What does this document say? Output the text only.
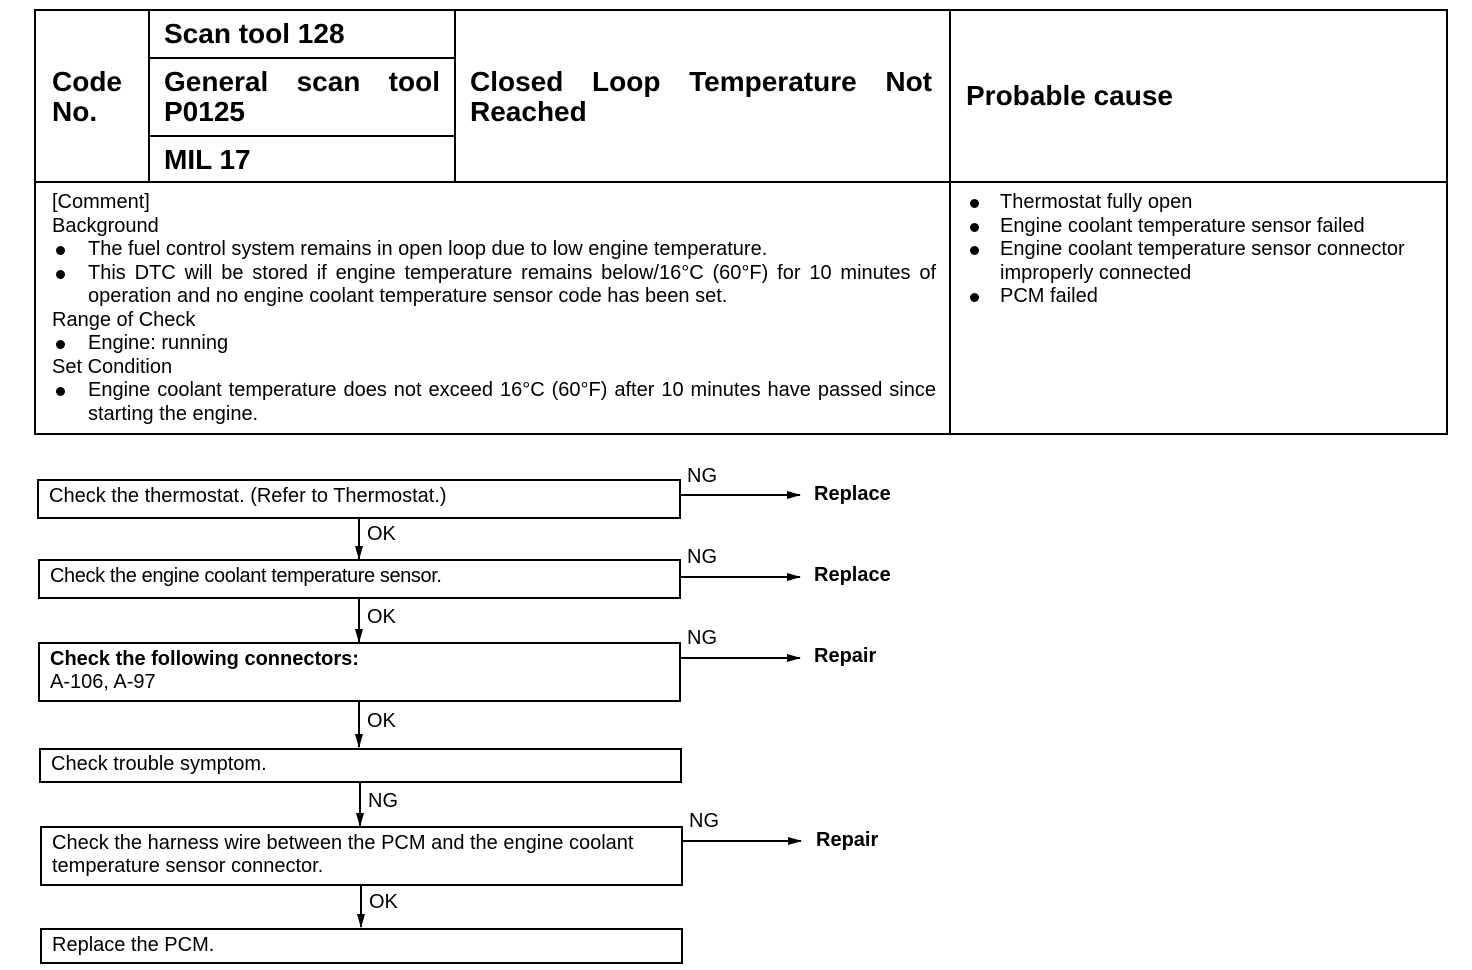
Code No.
Scan tool 128
General scan tool P0125
MIL 17
Closed Loop Temperature Not Reached
Probable cause
[Comment]
Background
The fuel control system remains in open loop due to low engine temperature.
This DTC will be stored if engine temperature remains below/16°C (60°F) for 10 minutes of operation and no engine coolant temperature sensor code has been set.
Range of Check
Engine: running
Set Condition
Engine coolant temperature does not exceed 16°C (60°F) after 10 minutes have passed since starting the engine.
Thermostat fully open
Engine coolant temperature sensor failed
Engine coolant temperature sensor connector improperly connected
PCM failed
Check the thermostat. (Refer to Thermostat.)
NG
Replace
OK
Check the engine coolant temperature sensor.
NG
Replace
OK
Check the following connectors:
A-106, A-97
NG
Repair
OK
Check trouble symptom.
NG
Check the harness wire between the PCM and the engine coolant temperature sensor connector.
NG
Repair
OK
Replace the PCM.
